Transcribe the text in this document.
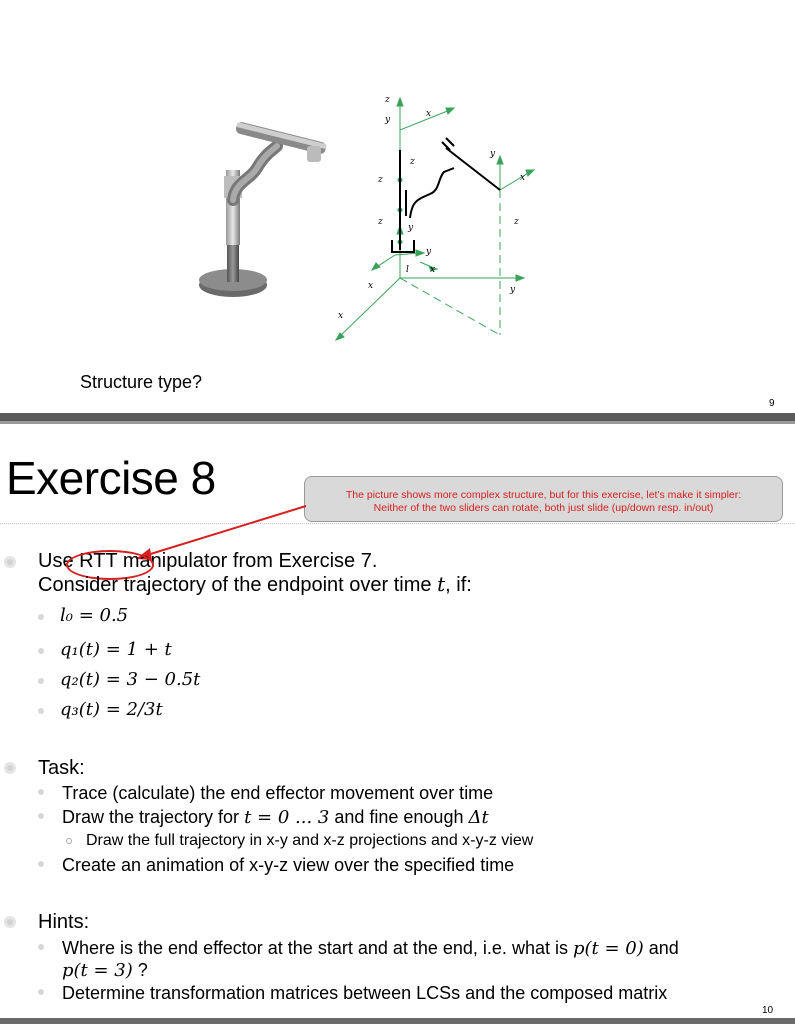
z
y
x
z
y
x
z
z
y
y
x
l
x
z
y
x
Structure type?
9
Exercise 8	The picture shows more complex structure, but for this exercise, let's make it simpler:
Neither of the two sliders can rotate, both just slide (up/down resp. in/out)
Use RTT manipulator from Exercise 7.
Consider trajectory of the endpoint over time t, if:
l₀ = 0.5
q₁(t) = 1 + t
q₂(t) = 3 − 0.5t
q₃(t) = 2/3t
Task:
Trace (calculate) the end effector movement over time
Draw the trajectory for t = 0 ... 3 and fine enough Δt
Draw the full trajectory in x-y and x-z projections and x-y-z view
Create an animation of x-y-z view over the specified time
Hints:
Where is the end effector at the start and at the end, i.e. what is p(t = 0) and
p(t = 3) ?
Determine transformation matrices between LCSs and the composed matrix
10
